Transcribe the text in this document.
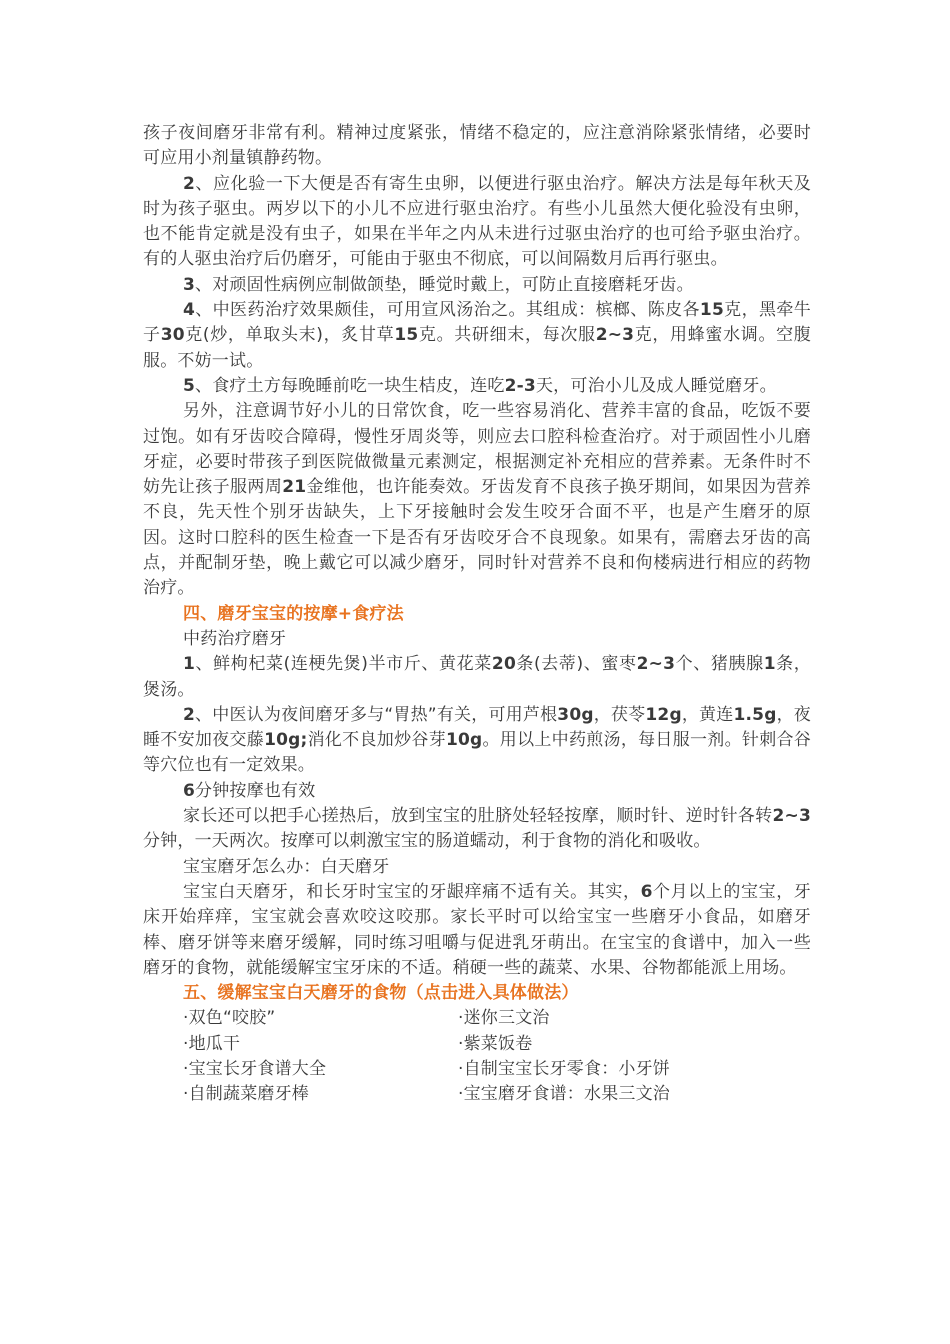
孩子夜间磨牙非常有利。精神过度紧张，情绪不稳定的，应注意消除紧张情绪，必要时可应用小剂量镇静药物。

2、应化验一下大便是否有寄生虫卵，以便进行驱虫治疗。解决方法是每年秋天及时为孩子驱虫。两岁以下的小儿不应进行驱虫治疗。有些小儿虽然大便化验没有虫卵，也不能肯定就是没有虫子，如果在半年之内从未进行过驱虫治疗的也可给予驱虫治疗。有的人驱虫治疗后仍磨牙，可能由于驱虫不彻底，可以间隔数月后再行驱虫。

3、对顽固性病例应制做颌垫，睡觉时戴上，可防止直接磨耗牙齿。

4、中医药治疗效果颇佳，可用宣风汤治之。其组成：槟榔、陈皮各15克，黑牵牛子30克(炒，单取头末)，炙甘草15克。共研细末，每次服2~3克，用蜂蜜水调。空腹服。不妨一试。

5、食疗土方每晚睡前吃一块生桔皮，连吃2-3天，可治小儿及成人睡觉磨牙。

另外，注意调节好小儿的日常饮食，吃一些容易消化、营养丰富的食品，吃饭不要过饱。如有牙齿咬合障碍，慢性牙周炎等，则应去口腔科检查治疗。对于顽固性小儿磨牙症，必要时带孩子到医院做微量元素测定，根据测定补充相应的营养素。无条件时不妨先让孩子服两周21金维他，也许能奏效。牙齿发育不良孩子换牙期间，如果因为营养不良，先天性个别牙齿缺失，上下牙接触时会发生咬牙合面不平，也是产生磨牙的原因。这时口腔科的医生检查一下是否有牙齿咬牙合不良现象。如果有，需磨去牙齿的高点，并配制牙垫，晚上戴它可以减少磨牙，同时针对营养不良和佝楼病进行相应的药物治疗。

四、磨牙宝宝的按摩+食疗法

中药治疗磨牙

1、鲜枸杞菜(连梗先煲)半市斤、黄花菜20条(去蒂)、蜜枣2~3个、猪胰腺1条，煲汤。

2、中医认为夜间磨牙多与“胃热”有关，可用芦根30g，茯苓12g，黄连1.5g，夜睡不安加夜交藤10g;消化不良加炒谷芽10g。用以上中药煎汤，每日服一剂。针刺合谷等穴位也有一定效果。

6分钟按摩也有效

家长还可以把手心搓热后，放到宝宝的肚脐处轻轻按摩，顺时针、逆时针各转2~3分钟，一天两次。按摩可以刺激宝宝的肠道蠕动，利于食物的消化和吸收。

宝宝磨牙怎么办：白天磨牙

宝宝白天磨牙，和长牙时宝宝的牙龈痒痛不适有关。其实，6个月以上的宝宝，牙床开始痒痒，宝宝就会喜欢咬这咬那。家长平时可以给宝宝一些磨牙小食品，如磨牙棒、磨牙饼等来磨牙缓解，同时练习咀嚼与促进乳牙萌出。在宝宝的食谱中，加入一些磨牙的食物，就能缓解宝宝牙床的不适。稍硬一些的蔬菜、水果、谷物都能派上用场。

五、缓解宝宝白天磨牙的食物（点击进入具体做法）

·双色“咬胶”	·迷你三文治
·地瓜干	·紫菜饭卷
·宝宝长牙食谱大全	·自制宝宝长牙零食：小牙饼
·自制蔬菜磨牙棒	·宝宝磨牙食谱：水果三文治
